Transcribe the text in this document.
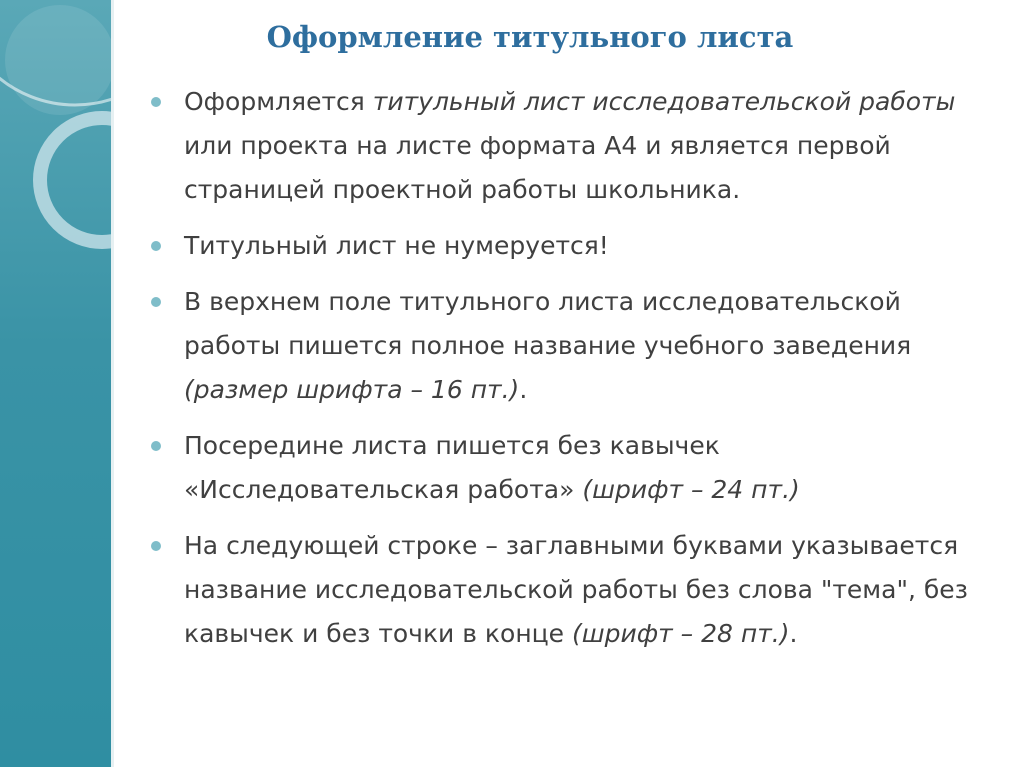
Оформление титульного листа
Оформляется титульный лист исследовательской работы или проекта на листе формата А4 и является первой страницей проектной работы школьника.
Титульный лист не нумеруется!
В верхнем поле титульного листа исследовательской работы пишется полное название учебного заведения (размер шрифта – 16 пт.).
Посередине листа пишется без кавычек «Исследовательская работа» (шрифт – 24 пт.)
На следующей строке – заглавными буквами указывается название исследовательской работы без слова "тема", без кавычек и без точки в конце (шрифт – 28 пт.).
